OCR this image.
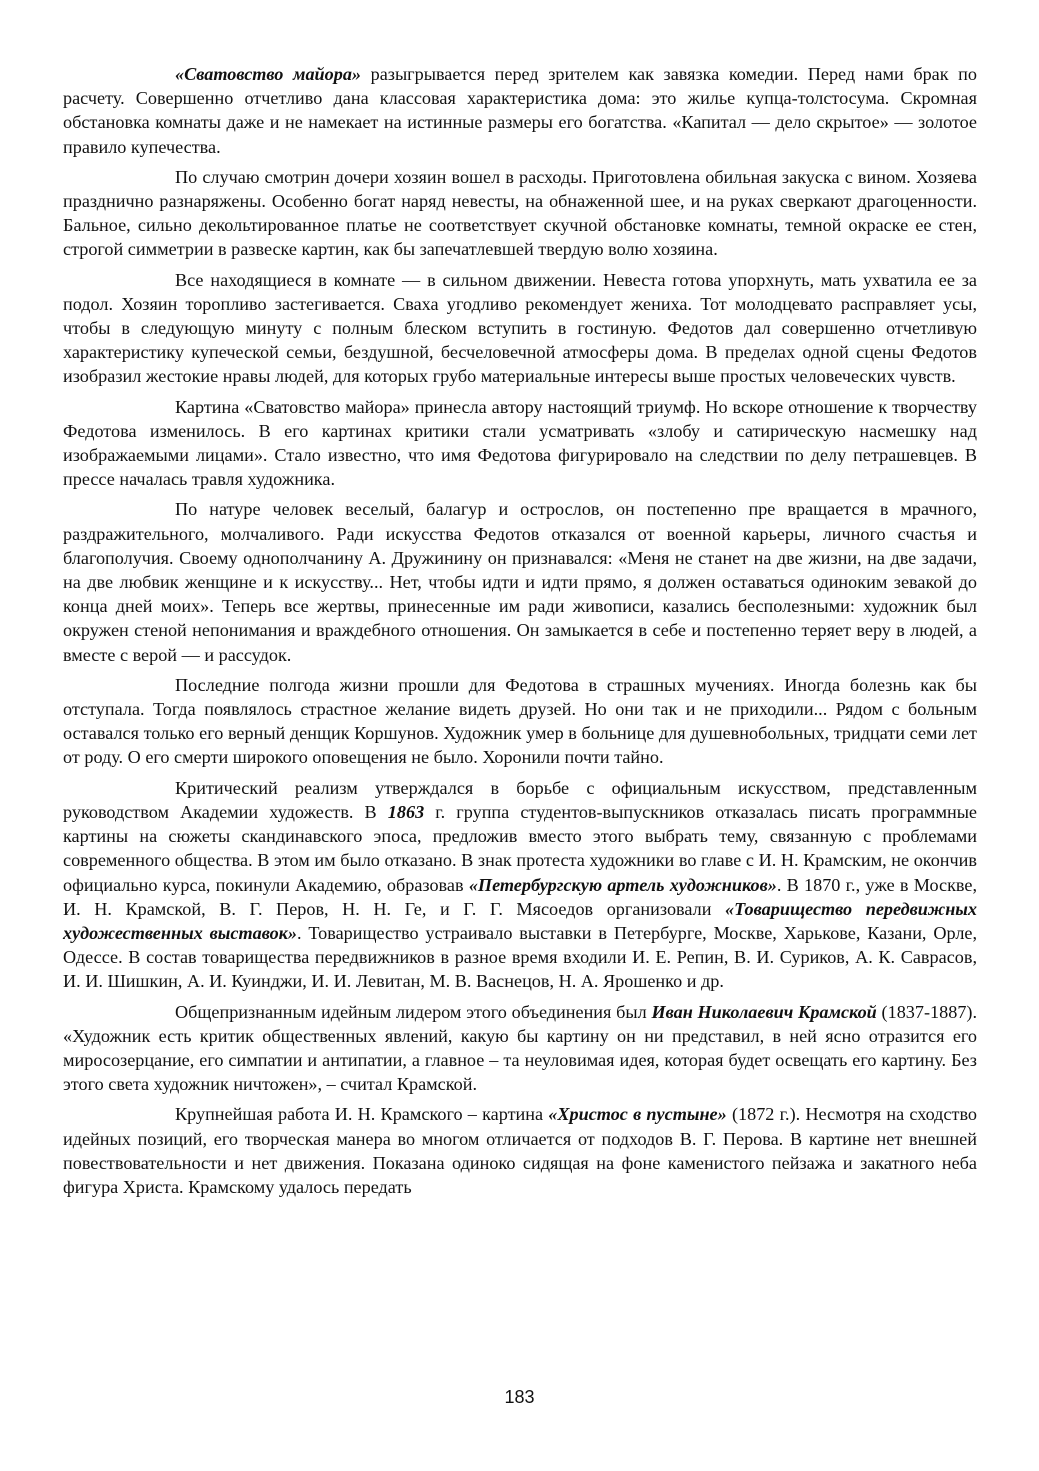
«Сватовство майора» разыгрывается перед зрителем как завязка комедии. Перед нами брак по расчету. Совершенно отчетливо дана классовая характеристика дома: это жилье купца-толстосума. Скромная обстановка комнаты даже и не намекает на истинные размеры его богатства. «Капитал — дело скрытое» — золотое правило купечества.

По случаю смотрин дочери хозяин вошел в расходы. Приготовлена обильная закуска с вином. Хозяева празднично разнаряжены. Особенно богат наряд невесты, на обнаженной шее, и на руках сверкают драгоценности. Бальное, сильно декольтированное платье не соответствует скучной обстановке комнаты, темной окраске ее стен, строгой симметрии в развеске картин, как бы запечатлевшей твердую волю хозяина.

Все находящиеся в комнате — в сильном движении. Невеста готова упорхнуть, мать ухватила ее за подол. Хозяин торопливо застегивается. Сваха угодливо рекомендует жениха. Тот молодцевато расправляет усы, чтобы в следующую минуту с полным блеском вступить в гостиную. Федотов дал совершенно отчетливую характеристику купеческой семьи, бездушной, бесчеловечной атмосферы дома. В пределах одной сцены Федотов изобразил жестокие нравы людей, для которых грубо материальные интересы выше простых человеческих чувств.

Картина «Сватовство майора» принесла автору настоящий триумф. Но вскоре отношение к творчеству Федотова изменилось. В его картинах критики стали усматривать «злобу и сатирическую насмешку над изображаемыми лицами». Стало известно, что имя Федотова фигурировало на следствии по делу петрашевцев. В прессе началась травля художника.

По натуре человек веселый, балагур и острослов, он постепенно пре вращается в мрачного, раздражительного, молчаливого. Ради искусства Федотов отказался от военной карьеры, личного счастья и благополучия. Своему однополчанину А. Дружинину он признавался: «Меня не станет на две жизни, на две задачи, на две любвик женщине и к искусству... Нет, чтобы идти и идти прямо, я должен оставаться одиноким зевакой до конца дней моих». Теперь все жертвы, принесенные им ради живописи, казались бесполезными: художник был окружен стеной непонимания и враждебного отношения. Он замыкается в себе и постепенно теряет веру в людей, а вместе с верой — и рассудок.

Последние полгода жизни прошли для Федотова в страшных мучениях. Иногда болезнь как бы отступала. Тогда появлялось страстное желание видеть друзей. Но они так и не приходили... Рядом с больным оставался только его верный денщик Коршунов. Художник умер в больнице для душевнобольных, тридцати семи лет от роду. О его смерти широкого оповещения не было. Хоронили почти тайно.

Критический реализм утверждался в борьбе с официальным искусством, представленным руководством Академии художеств. В 1863 г. группа студентов-выпускников отказалась писать программные картины на сюжеты скандинавского эпоса, предложив вместо этого выбрать тему, связанную с проблемами современного общества. В этом им было отказано. В знак протеста художники во главе с И. Н. Крамским, не окончив официально курса, покинули Академию, образовав «Петербургскую артель художников». В 1870 г., уже в Москве, И. Н. Крамской, В. Г. Перов, Н. Н. Ге, и Г. Г. Мясоедов организовали «Товарищество передвижных художественных выставок». Товарищество устраивало выставки в Петербурге, Москве, Харькове, Казани, Орле, Одессе. В состав товарищества передвижников в разное время входили И. Е. Репин, В. И. Суриков, А. К. Саврасов, И. И. Шишкин, А. И. Куинджи, И. И. Левитан, М. В. Васнецов, Н. А. Ярошенко и др.

Общепризнанным идейным лидером этого объединения был Иван Николаевич Крамской (1837-1887). «Художник есть критик общественных явлений, какую бы картину он ни представил, в ней ясно отразится его миросозерцание, его симпатии и антипатии, а главное – та неуловимая идея, которая будет освещать его картину. Без этого света художник ничтожен», – считал Крамской.

Крупнейшая работа И. Н. Крамского – картина «Христос в пустыне» (1872 г.). Несмотря на сходство идейных позиций, его творческая манера во многом отличается от подходов В. Г. Перова. В картине нет внешней повествовательности и нет движения. Показана одиноко сидящая на фоне каменистого пейзажа и закатного неба фигура Христа. Крамскому удалось передать

183
